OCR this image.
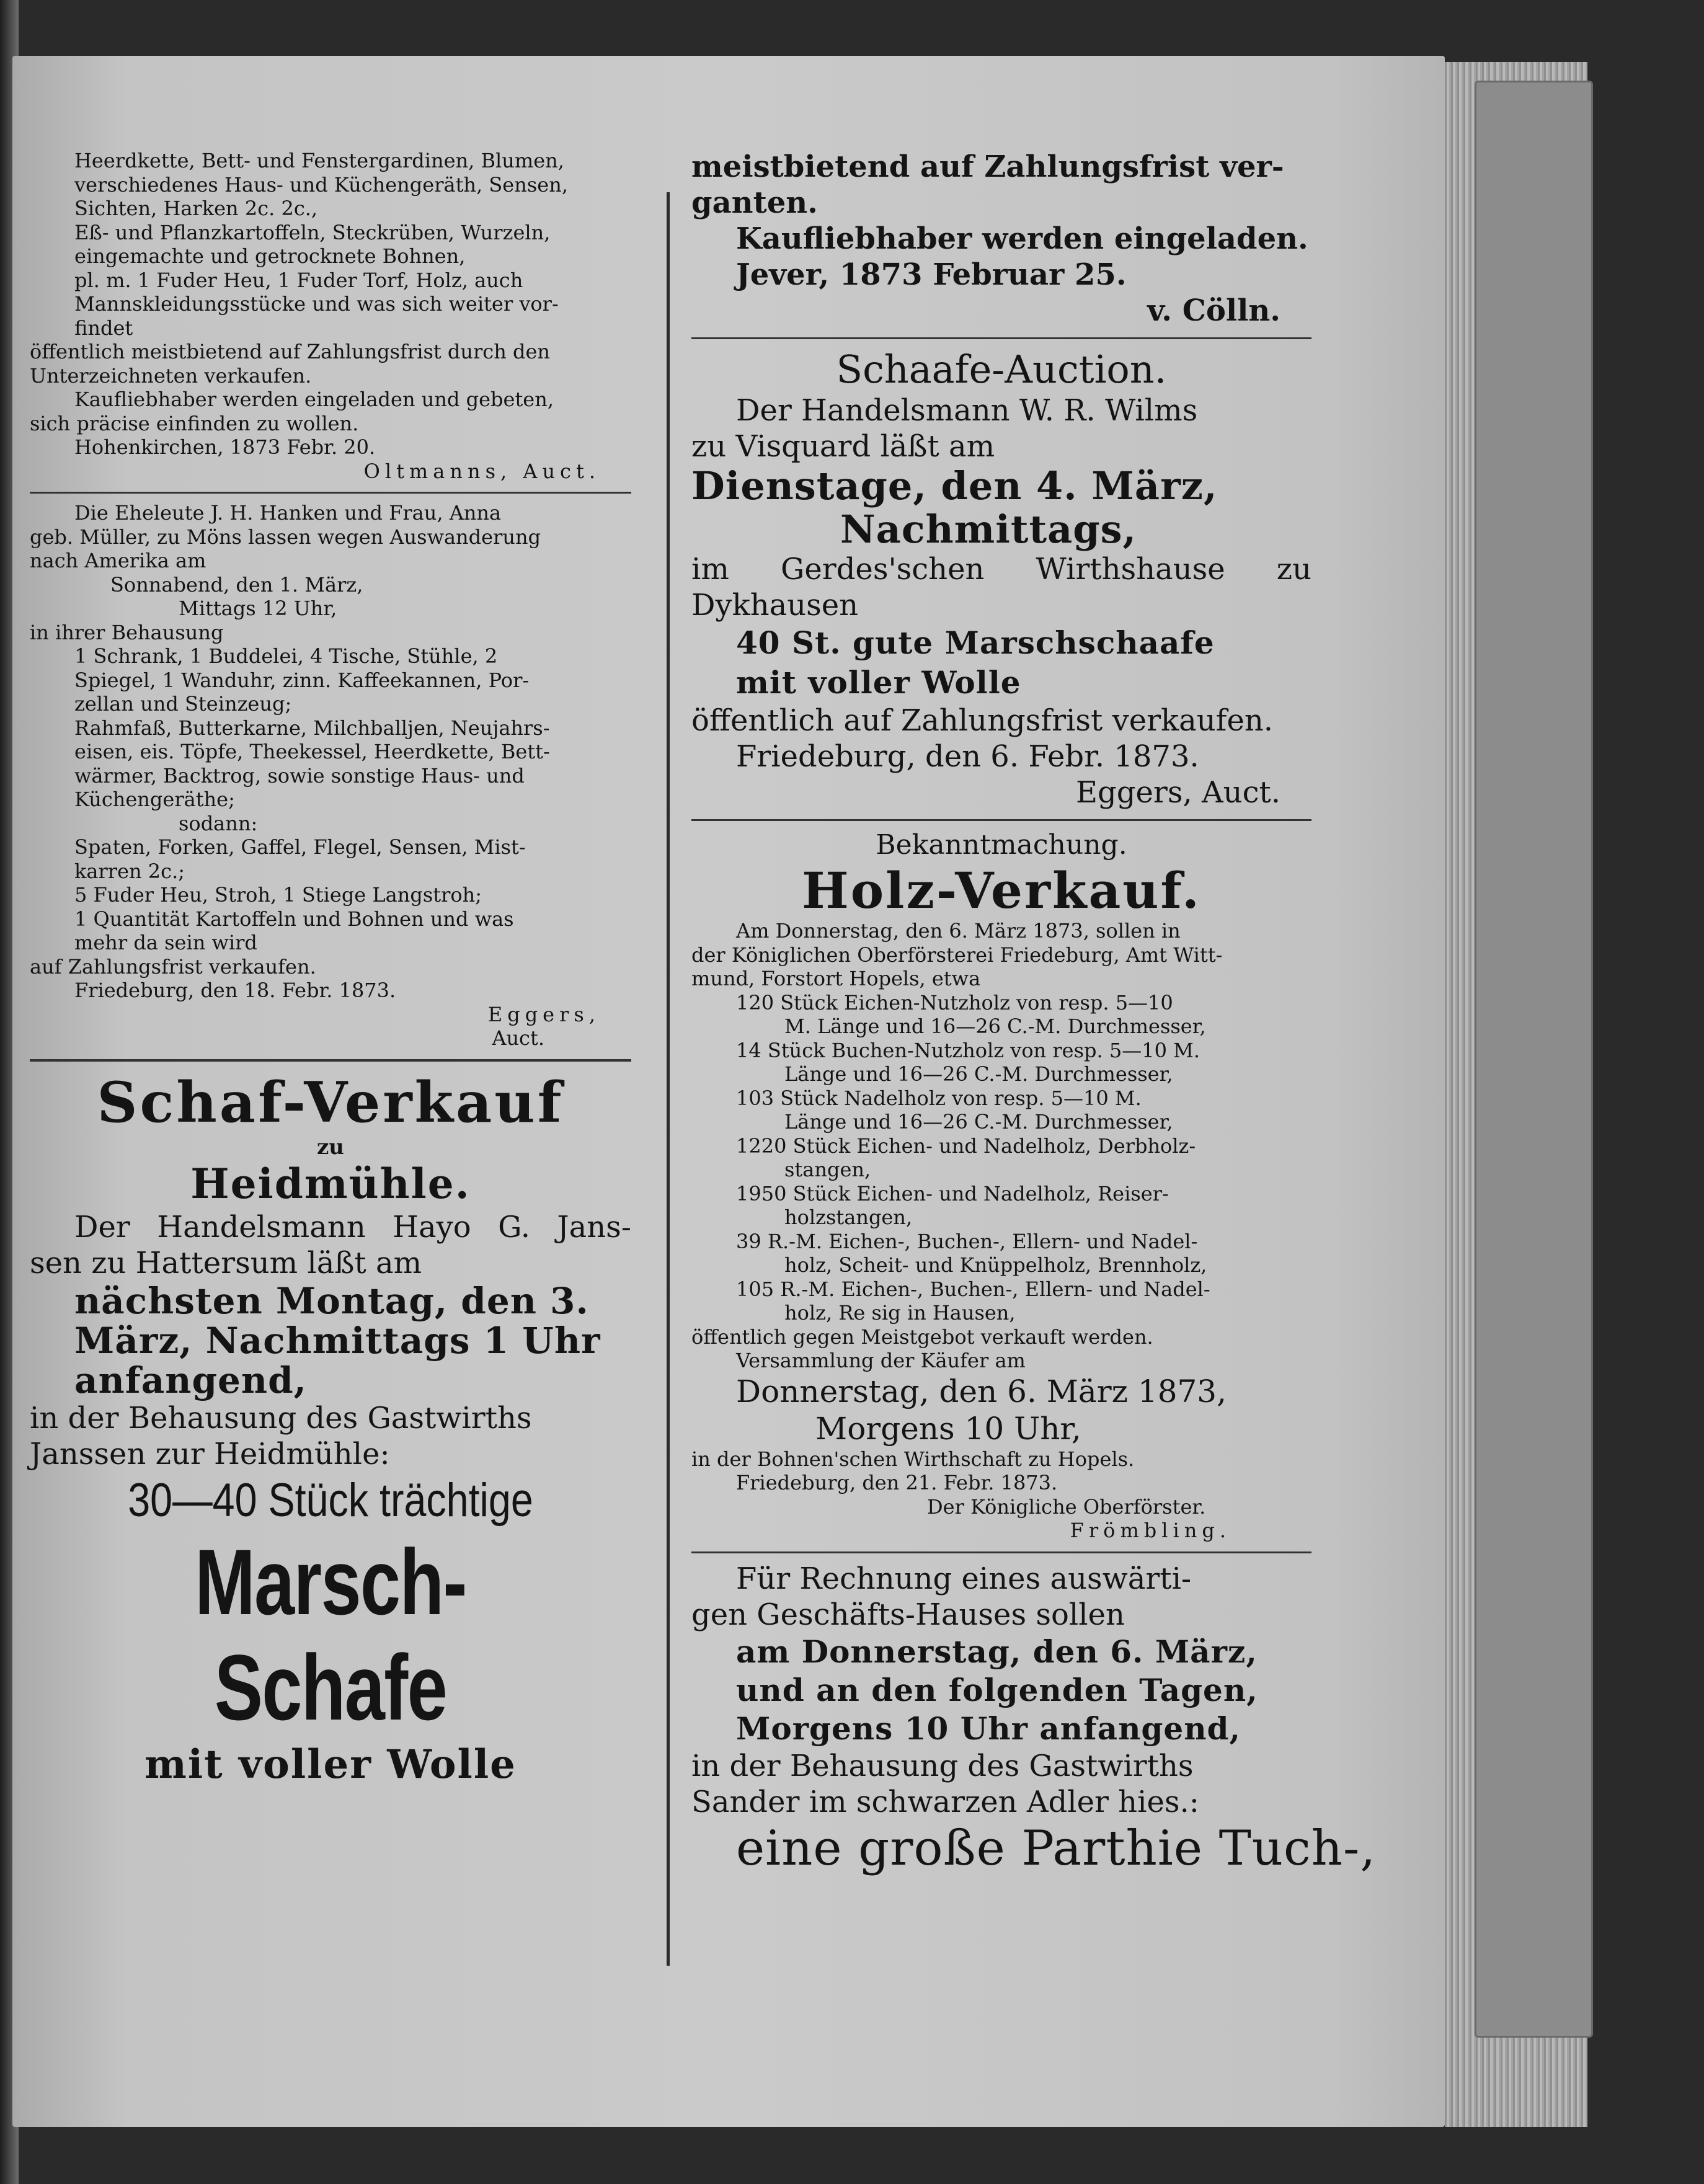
Heerdkette, Bett- und Fenstergardinen, Blumen,
verschiedenes Haus- und Küchengeräth, Sensen,
Sichten, Harken 2c. 2c.,
Eß- und Pflanzkartoffeln, Steckrüben, Wurzeln,
eingemachte und getrocknete Bohnen,
pl. m. 1 Fuder Heu, 1 Fuder Torf, Holz, auch
Mannskleidungsstücke und was sich weiter vor-
findet
öffentlich meistbietend auf Zahlungsfrist durch den
Unterzeichneten verkaufen.
Kaufliebhaber werden eingeladen und gebeten,
sich präcise einfinden zu wollen.
Hohenkirchen, 1873 Febr. 20.
Oltmanns, Auct.
Die Eheleute J. H. Hanken und Frau, Anna
geb. Müller, zu Möns lassen wegen Auswanderung
nach Amerika am
Sonnabend, den 1. März,
Mittags 12 Uhr,
in ihrer Behausung
1 Schrank, 1 Buddelei, 4 Tische, Stühle, 2
Spiegel, 1 Wanduhr, zinn. Kaffeekannen, Por-
zellan und Steinzeug;
Rahmfaß, Butterkarne, Milchballjen, Neujahrs-
eisen, eis. Töpfe, Theekessel, Heerdkette, Bett-
wärmer, Backtrog, sowie sonstige Haus- und
Küchengeräthe;
sodann:
Spaten, Forken, Gaffel, Flegel, Sensen, Mist-
karren 2c.;
5 Fuder Heu, Stroh, 1 Stiege Langstroh;
1 Quantität Kartoffeln und Bohnen und was
mehr da sein wird
auf Zahlungsfrist verkaufen.
Friedeburg, den 18. Febr. 1873.
Eggers,
Auct.
Schaf-Verkauf
zu
Heidmühle.
Der Handelsmann Hayo G. Jans-
sen zu Hattersum läßt am
nächsten Montag, den 3.
März, Nachmittags 1 Uhr
anfangend,
in der Behausung des Gastwirths
Janssen zur Heidmühle:
30—40 Stück trächtige
Marsch-Schafe
mit voller Wolle
meistbietend auf Zahlungsfrist ver-
ganten.
Kaufliebhaber werden eingeladen.
Jever, 1873 Februar 25.
v. Cölln.
Schaafe-Auction.
Der Handelsmann W. R. Wilms
zu Visquard läßt am
Dienstage, den 4. März,
Nachmittags,
im Gerdes'schen Wirthshause zu
Dykhausen
40 St. gute Marschschaafe
mit voller Wolle
öffentlich auf Zahlungsfrist verkaufen.
Friedeburg, den 6. Febr. 1873.
Eggers, Auct.
Bekanntmachung.
Holz-Verkauf.
Am Donnerstag, den 6. März 1873, sollen in
der Königlichen Oberförsterei Friedeburg, Amt Witt-
mund, Forstort Hopels, etwa
120 Stück Eichen-Nutzholz von resp. 5—10
M. Länge und 16—26 C.-M. Durchmesser,
14 Stück Buchen-Nutzholz von resp. 5—10 M.
Länge und 16—26 C.-M. Durchmesser,
103 Stück Nadelholz von resp. 5—10 M.
Länge und 16—26 C.-M. Durchmesser,
1220 Stück Eichen- und Nadelholz, Derbholz-
stangen,
1950 Stück Eichen- und Nadelholz, Reiser-
holzstangen,
39 R.-M. Eichen-, Buchen-, Ellern- und Nadel-
holz, Scheit- und Knüppelholz, Brennholz,
105 R.-M. Eichen-, Buchen-, Ellern- und Nadel-
holz, Re sig in Hausen,
öffentlich gegen Meistgebot verkauft werden.
Versammlung der Käufer am
Donnerstag, den 6. März 1873,
Morgens 10 Uhr,
in der Bohnen'schen Wirthschaft zu Hopels.
Friedeburg, den 21. Febr. 1873.
Der Königliche Oberförster.
Frömbling.
Für Rechnung eines auswärti-
gen Geschäfts-Hauses sollen
am Donnerstag, den 6. März,
und an den folgenden Tagen,
Morgens 10 Uhr anfangend,
in der Behausung des Gastwirths
Sander im schwarzen Adler hies.:
eine große Parthie Tuch-,
